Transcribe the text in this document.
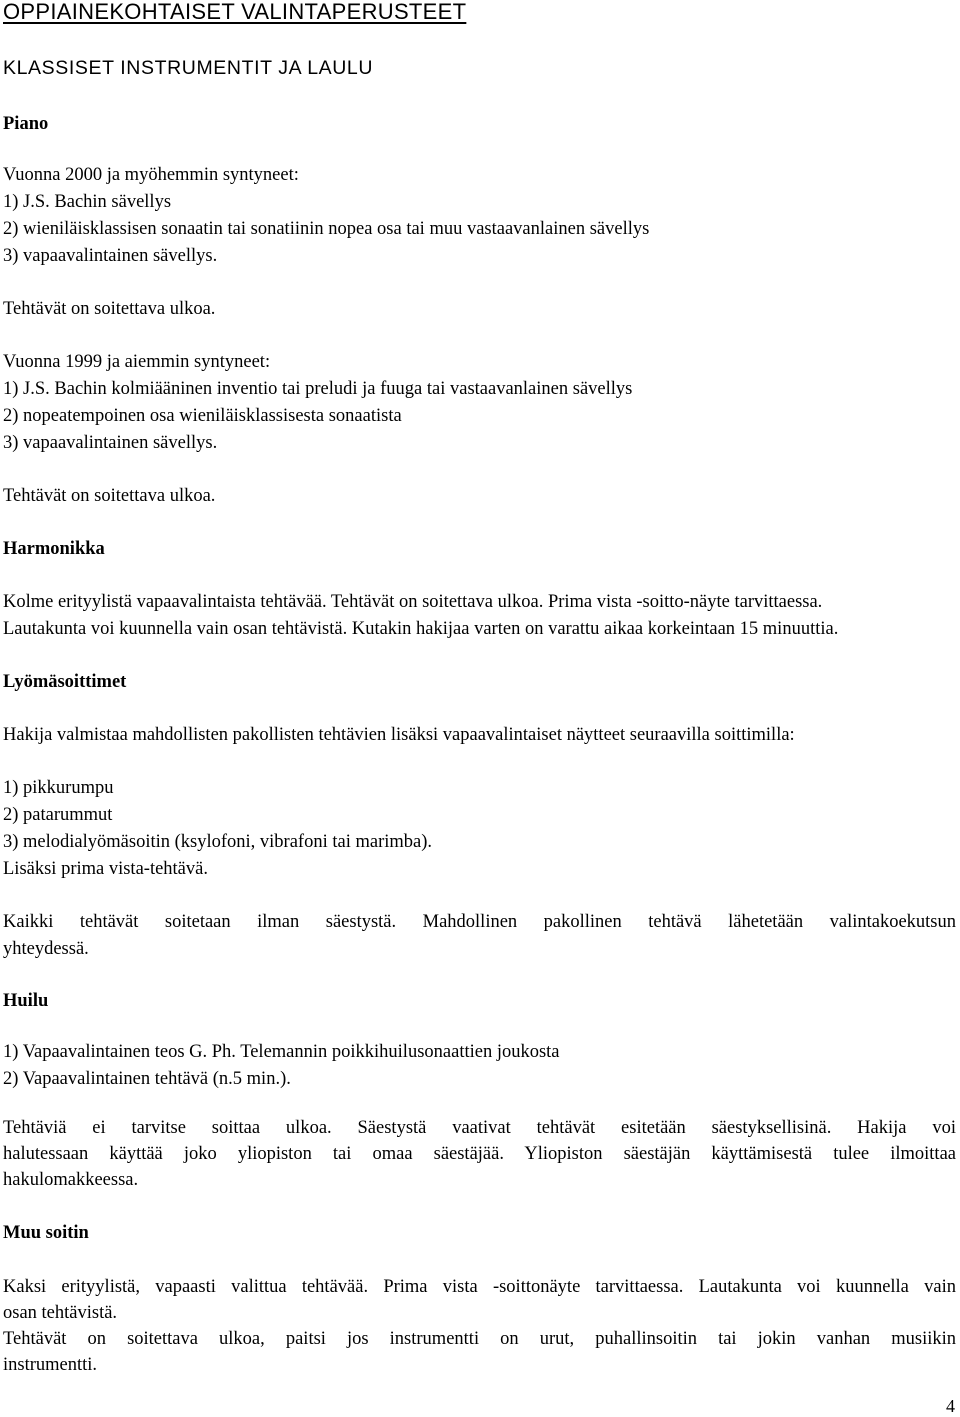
OPPIAINEKOHTAISET VALINTAPERUSTEET
KLASSISET INSTRUMENTIT JA LAULU
Piano
Vuonna 2000 ja myöhemmin syntyneet:
1) J.S. Bachin sävellys
2) wieniläisklassisen sonaatin tai sonatiinin nopea osa tai muu vastaavanlainen sävellys
3) vapaavalintainen sävellys.
Tehtävät on soitettava ulkoa.
Vuonna 1999 ja aiemmin syntyneet:
1) J.S. Bachin kolmiääninen inventio tai preludi ja fuuga tai vastaavanlainen sävellys
2) nopeatempoinen osa wieniläisklassisesta sonaatista
3) vapaavalintainen sävellys.
Tehtävät on soitettava ulkoa.
Harmonikka
Kolme erityylistä vapaavalintaista tehtävää. Tehtävät on soitettava ulkoa. Prima vista -soitto-näyte tarvittaessa.
Lautakunta voi kuunnella vain osan tehtävistä. Kutakin hakijaa varten on varattu aikaa korkeintaan 15 minuuttia.
Lyömäsoittimet
Hakija valmistaa mahdollisten pakollisten tehtävien lisäksi vapaavalintaiset näytteet seuraavilla soittimilla:
1) pikkurumpu
2) patarummut
3) melodialyömäsoitin (ksylofoni, vibrafoni tai marimba).
Lisäksi prima vista-tehtävä.
Kaikki tehtävät soitetaan ilman säestystä. Mahdollinen pakollinen tehtävä lähetetään valintakoekutsun
yhteydessä.
Huilu
1) Vapaavalintainen teos G. Ph. Telemannin poikkihuilusonaattien joukosta
2) Vapaavalintainen tehtävä (n.5 min.).
Tehtäviä ei tarvitse soittaa ulkoa. Säestystä vaativat tehtävät esitetään säestyksellisinä. Hakija voi
halutessaan käyttää joko yliopiston tai omaa säestäjää. Yliopiston säestäjän käyttämisestä tulee ilmoittaa
hakulomakkeessa.
Muu soitin
Kaksi erityylistä, vapaasti valittua tehtävää. Prima vista -soittonäyte tarvittaessa. Lautakunta voi kuunnella vain
osan tehtävistä.
Tehtävät on soitettava ulkoa, paitsi jos instrumentti on urut, puhallinsoitin tai jokin vanhan musiikin
instrumentti.
4
